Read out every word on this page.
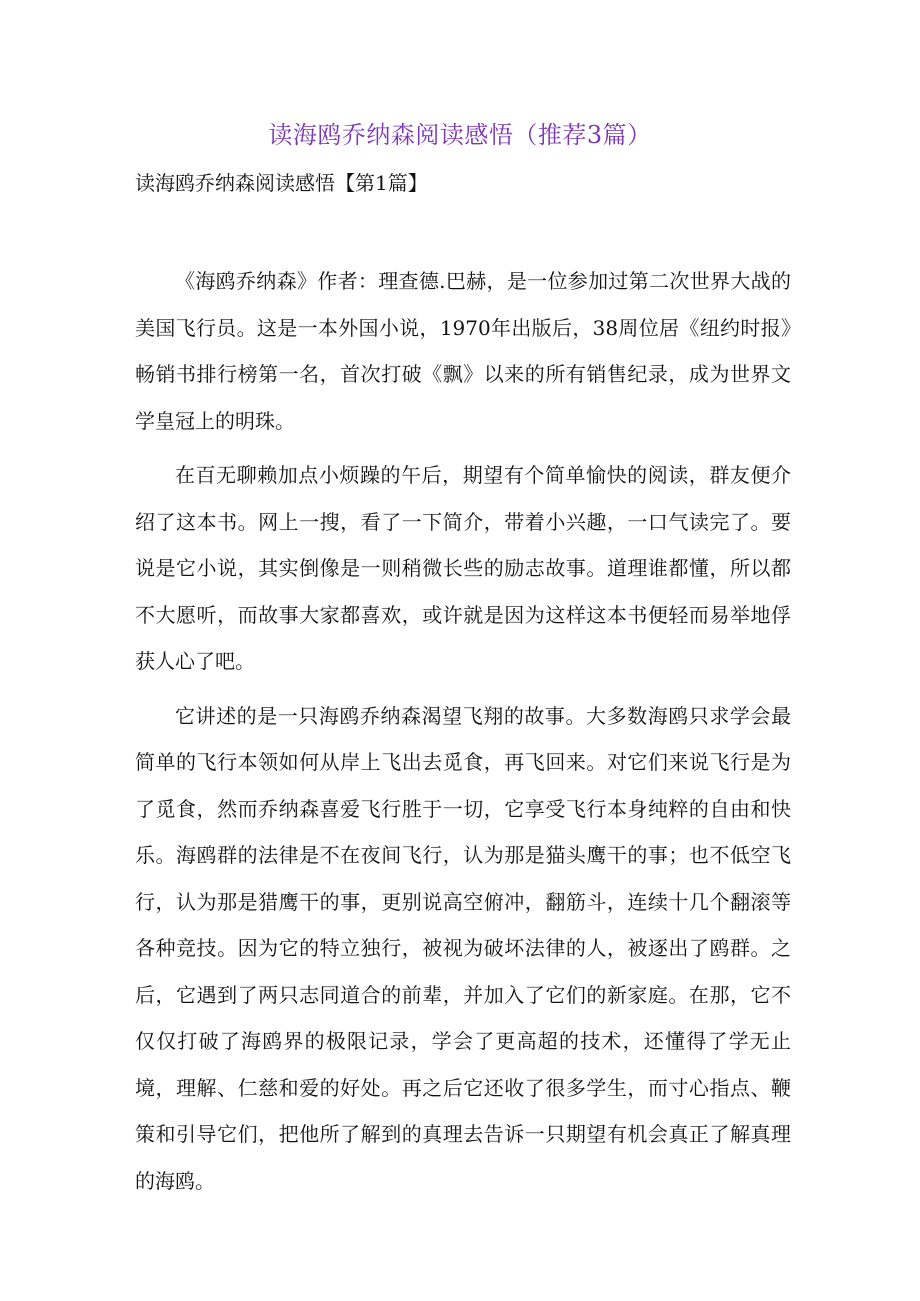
读海鸥乔纳森阅读感悟（推荐3篇）
读海鸥乔纳森阅读感悟【第1篇】

《海鸥乔纳森》作者：理查德.巴赫，是一位参加过第二次世界大战的美国飞行员。这是一本外国小说，1970年出版后，38周位居《纽约时报》畅销书排行榜第一名，首次打破《飘》以来的所有销售纪录，成为世界文学皇冠上的明珠。

在百无聊赖加点小烦躁的午后，期望有个简单愉快的阅读，群友便介绍了这本书。网上一搜，看了一下简介，带着小兴趣，一口气读完了。要说是它小说，其实倒像是一则稍微长些的励志故事。道理谁都懂，所以都不大愿听，而故事大家都喜欢，或许就是因为这样这本书便轻而易举地俘获人心了吧。

它讲述的是一只海鸥乔纳森渴望飞翔的故事。大多数海鸥只求学会最简单的飞行本领如何从岸上飞出去觅食，再飞回来。对它们来说飞行是为了觅食，然而乔纳森喜爱飞行胜于一切，它享受飞行本身纯粹的自由和快乐。海鸥群的法律是不在夜间飞行，认为那是猫头鹰干的事；也不低空飞行，认为那是猎鹰干的事，更别说高空俯冲，翻筋斗，连续十几个翻滚等各种竞技。因为它的特立独行，被视为破坏法律的人，被逐出了鸥群。之后，它遇到了两只志同道合的前辈，并加入了它们的新家庭。在那，它不仅仅打破了海鸥界的极限记录，学会了更高超的技术，还懂得了学无止境，理解、仁慈和爱的好处。再之后它还收了很多学生，而寸心指点、鞭策和引导它们，把他所了解到的真理去告诉一只期望有机会真正了解真理的海鸥。
